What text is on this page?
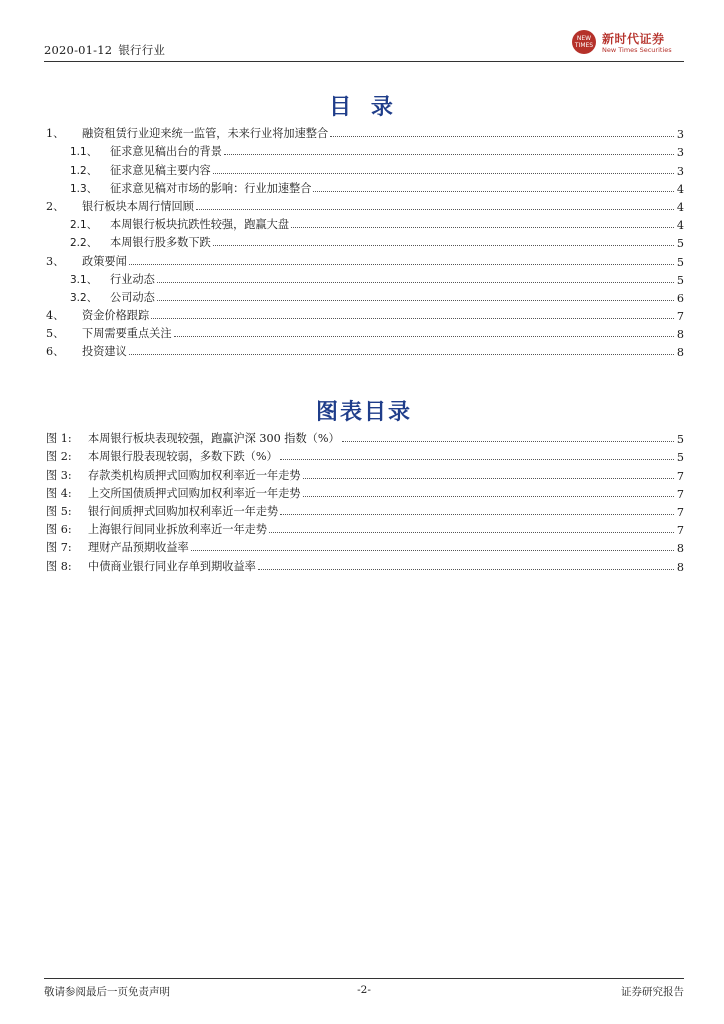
2020-01-12 银行行业
NEW TIMES 新时代证券
New Times Securities
目 录
1、	融资租赁行业迎来统一监管，未来行业将加速整合	3
1.1、	征求意见稿出台的背景	3
1.2、	征求意见稿主要内容	3
1.3、	征求意见稿对市场的影响：行业加速整合	4
2、	银行板块本周行情回顾	4
2.1、	本周银行板块抗跌性较强，跑赢大盘	4
2.2、	本周银行股多数下跌	5
3、	政策要闻	5
3.1、	行业动态	5
3.2、	公司动态	6
4、	资金价格跟踪	7
5、	下周需要重点关注	8
6、	投资建议	8
图表目录
图 1:	本周银行板块表现较强，跑赢沪深 300 指数（%）	5
图 2:	本周银行股表现较弱，多数下跌（%）	5
图 3:	存款类机构质押式回购加权利率近一年走势	7
图 4:	上交所国债质押式回购加权利率近一年走势	7
图 5:	银行间质押式回购加权利率近一年走势	7
图 6:	上海银行间同业拆放利率近一年走势	7
图 7:	理财产品预期收益率	8
图 8:	中债商业银行同业存单到期收益率	8
敬请参阅最后一页免责声明	-2-	证券研究报告
